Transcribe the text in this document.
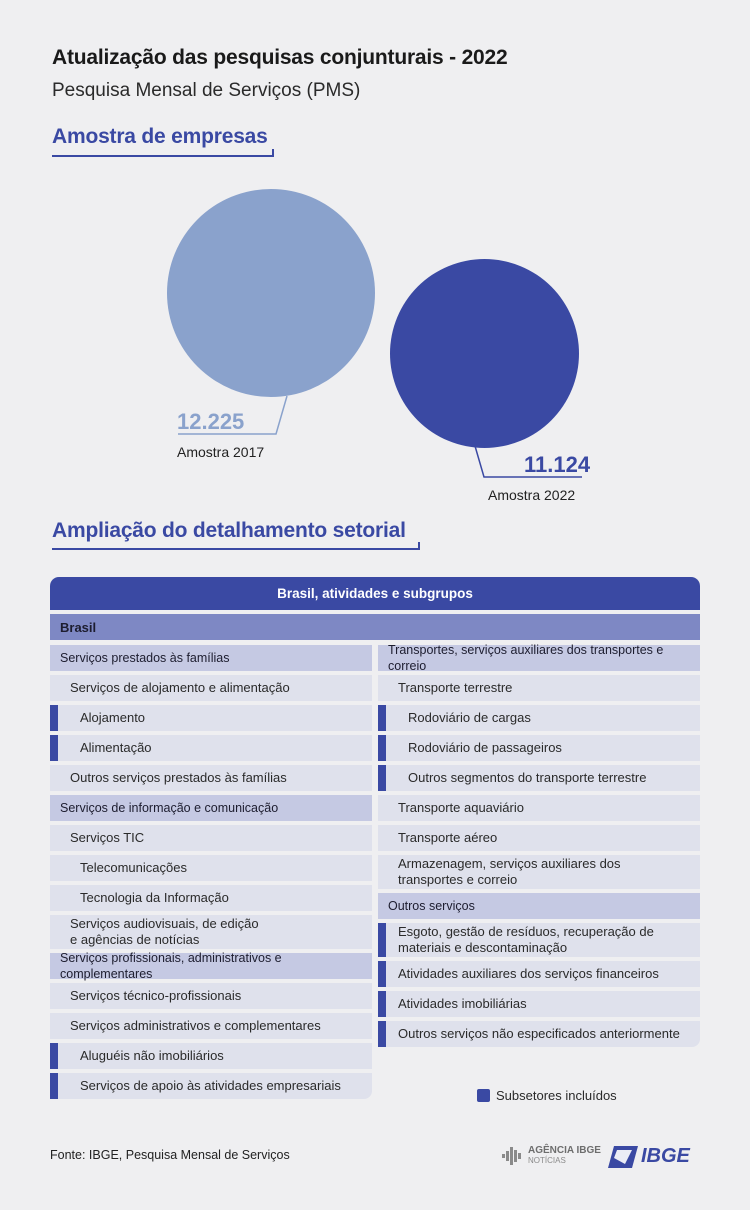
Atualização das pesquisas conjunturais - 2022
Pesquisa Mensal de Serviços (PMS)
Amostra de empresas
12.225
Amostra 2017	11.124
Amostra 2022
Ampliação do detalhamento setorial
Brasil, atividades e subgrupos
Brasil
Serviços prestados às famílias
Serviços de alojamento e alimentação
Alojamento
Alimentação
Outros serviços prestados às famílias
Serviços de informação e comunicação
Serviços TIC
Telecomunicações
Tecnologia da Informação
Serviços audiovisuais, de edição
e agências de notícias
Serviços profissionais, administrativos e complementares
Serviços técnico-profissionais
Serviços administrativos e complementares
Aluguéis não imobiliários
Serviços de apoio às atividades empresariais
Transportes, serviços auxiliares dos transportes e correio
Transporte terrestre
Rodoviário de cargas
Rodoviário de passageiros
Outros segmentos do transporte terrestre
Transporte aquaviário
Transporte aéreo
Armazenagem, serviços auxiliares dos
transportes e correio
Outros serviços
Esgoto, gestão de resíduos, recuperação de
materiais e descontaminação
Atividades auxiliares dos serviços financeiros
Atividades imobiliárias
Outros serviços não especificados anteriormente
Subsetores incluídos
Fonte: IBGE, Pesquisa Mensal de Serviços	AGÊNCIA IBGE
NOTÍCIAS	IBGE
